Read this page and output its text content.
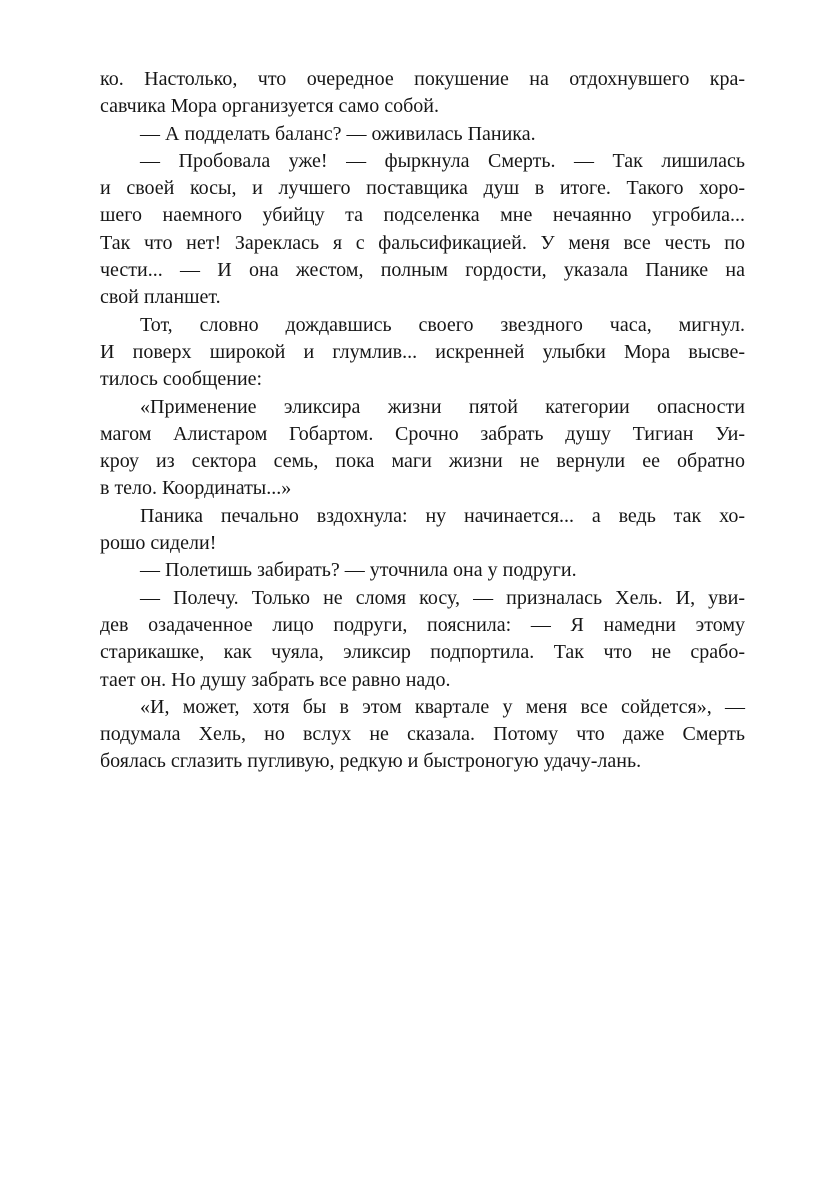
ко. Настолько, что очередное покушение на отдохнувшего кра-
савчика Мора организуется само собой.
— А подделать баланс? — оживилась Паника.
— Пробовала уже! — фыркнула Смерть. — Так лишилась
и своей косы, и лучшего поставщика душ в итоге. Такого хоро-
шего наемного убийцу та подселенка мне нечаянно угробила...
Так что нет! Зареклась я с фальсификацией. У меня все честь по
чести... — И она жестом, полным гордости, указала Панике на
свой планшет.
Тот, словно дождавшись своего звездного часа, мигнул.
И поверх широкой и глумлив... искренней улыбки Мора высве-
тилось сообщение:
«Применение эликсира жизни пятой категории опасности
магом Алистаром Гобартом. Срочно забрать душу Тигиан Уи-
кроу из сектора семь, пока маги жизни не вернули ее обратно
в тело. Координаты...»
Паника печально вздохнула: ну начинается... а ведь так хо-
рошо сидели!
— Полетишь забирать? — уточнила она у подруги.
— Полечу. Только не сломя косу, — призналась Хель. И, уви-
дев озадаченное лицо подруги, пояснила: — Я намедни этому
старикашке, как чуяла, эликсир подпортила. Так что не срабо-
тает он. Но душу забрать все равно надо.
«И, может, хотя бы в этом квартале у меня все сойдется», —
подумала Хель, но вслух не сказала. Потому что даже Смерть
боялась сглазить пугливую, редкую и быстроногую удачу-лань.
